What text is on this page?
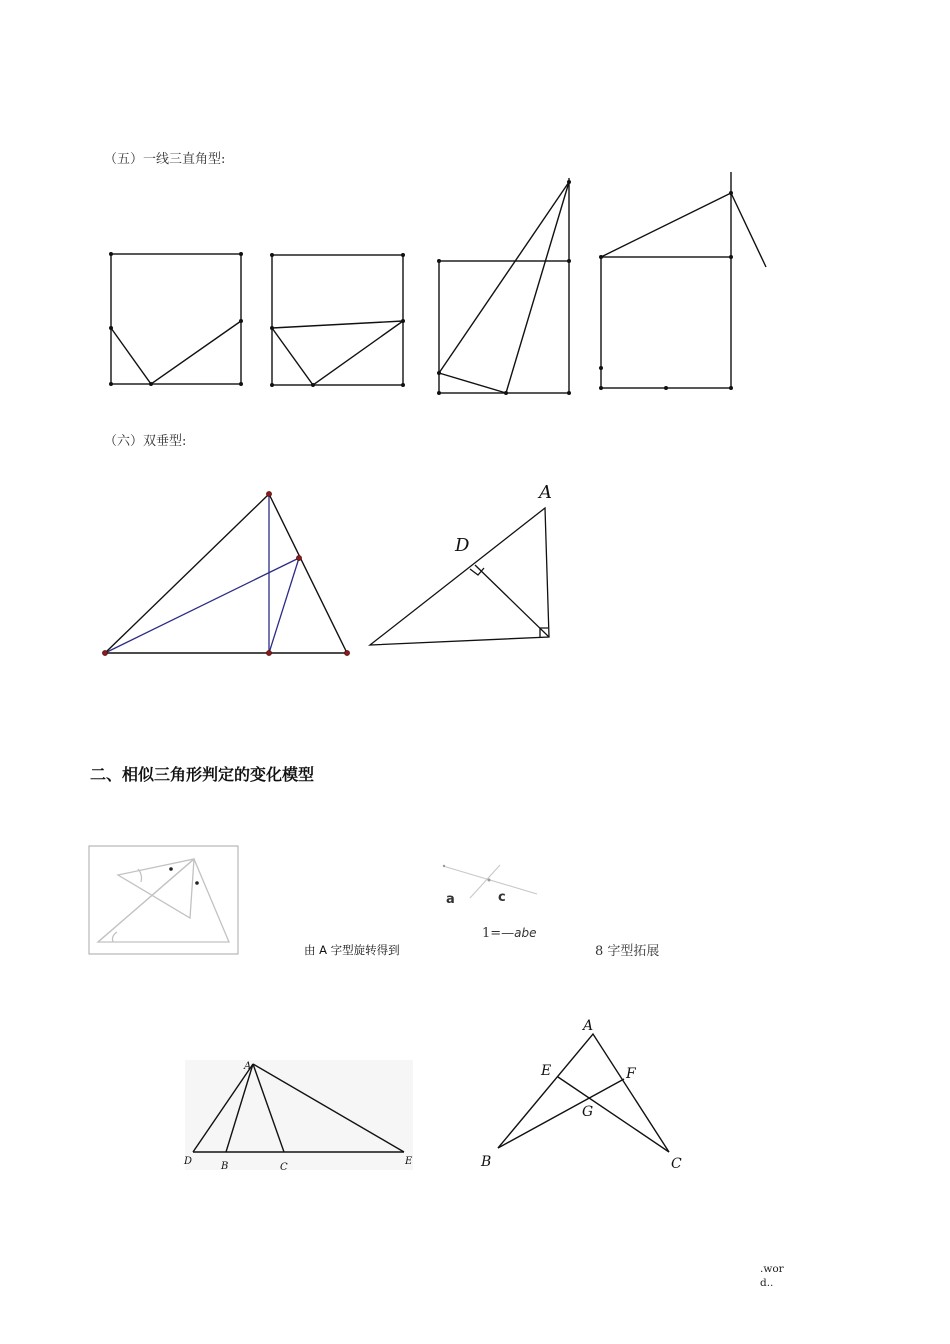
（五）一线三直角型:
（六）双垂型:
二、相似三角形判定的变化模型
A
D
a	c
A
D	B	C
E
A
E	F
G
B	C
由 A 字型旋转得到
1=—abe
8 字型拓展
.wor
d..
